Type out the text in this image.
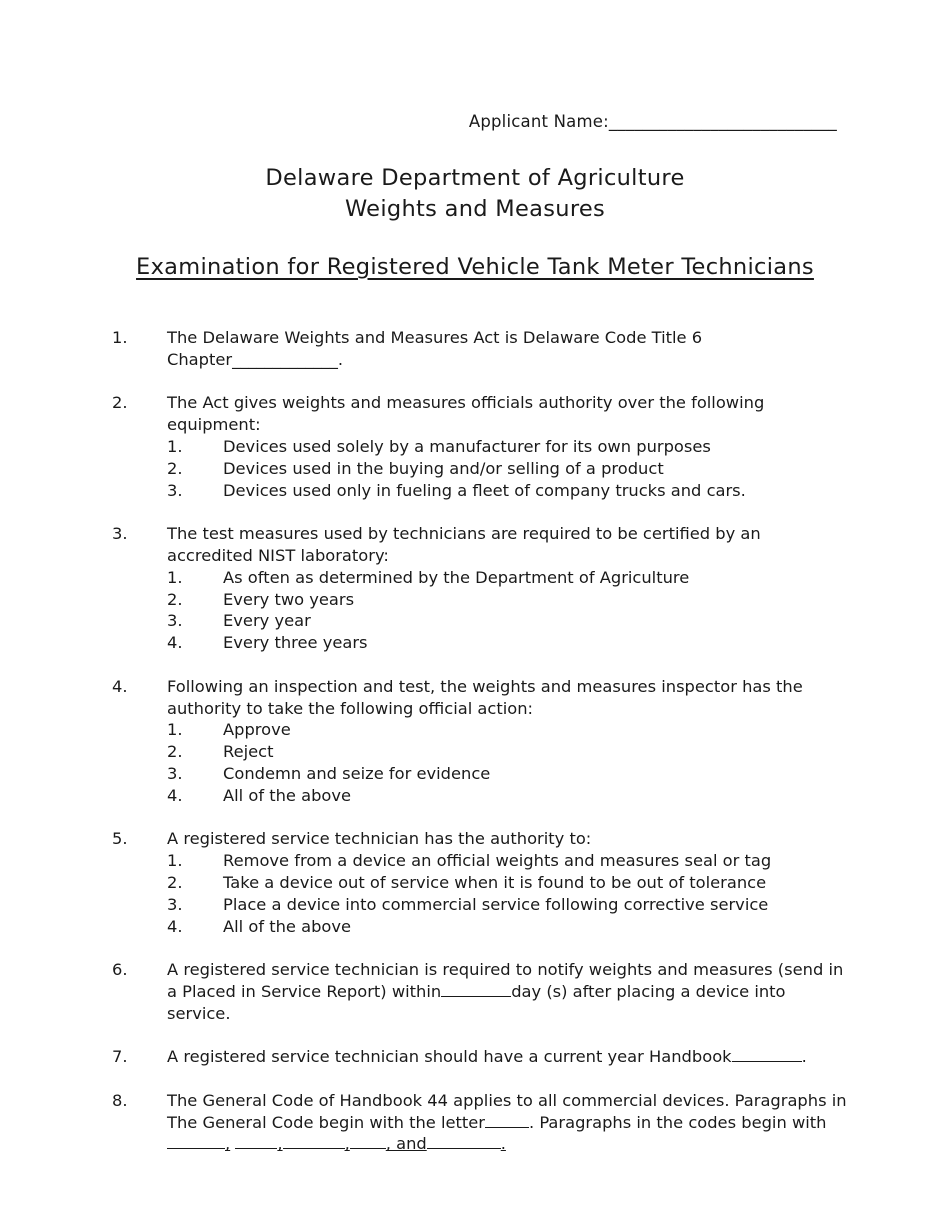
Applicant Name:___________________________
Delaware Department of Agriculture
Weights and Measures
Examination for Registered Vehicle Tank Meter Technicians
1. The Delaware Weights and Measures Act is Delaware Code Title 6
Chapter_____________.
2. The Act gives weights and measures officials authority over the following equipment:
1. Devices used solely by a manufacturer for its own purposes
2. Devices used in the buying and/or selling of a product
3. Devices used only in fueling a fleet of company trucks and cars.
3. The test measures used by technicians are required to be certified by an accredited NIST laboratory:
1. As often as determined by the Department of Agriculture
2. Every two years
3. Every year
4. Every three years
4. Following an inspection and test, the weights and measures inspector has the authority to take the following official action:
1. Approve
2. Reject
3. Condemn and seize for evidence
4. All of the above
5. A registered service technician has the authority to:
1. Remove from a device an official weights and measures seal or tag
2. Take a device out of service when it is found to be out of tolerance
3. Place a device into commercial service following corrective service
4. All of the above
6. A registered service technician is required to notify weights and measures (send in a Placed in Service Report) within	day (s) after placing a device into service.
7. A registered service technician should have a current year Handbook	.
8. The General Code of Handbook 44 applies to all commercial devices. Paragraphs in The General Code begin with the letter	. Paragraphs in the codes begin with ,	,	, , and	.
